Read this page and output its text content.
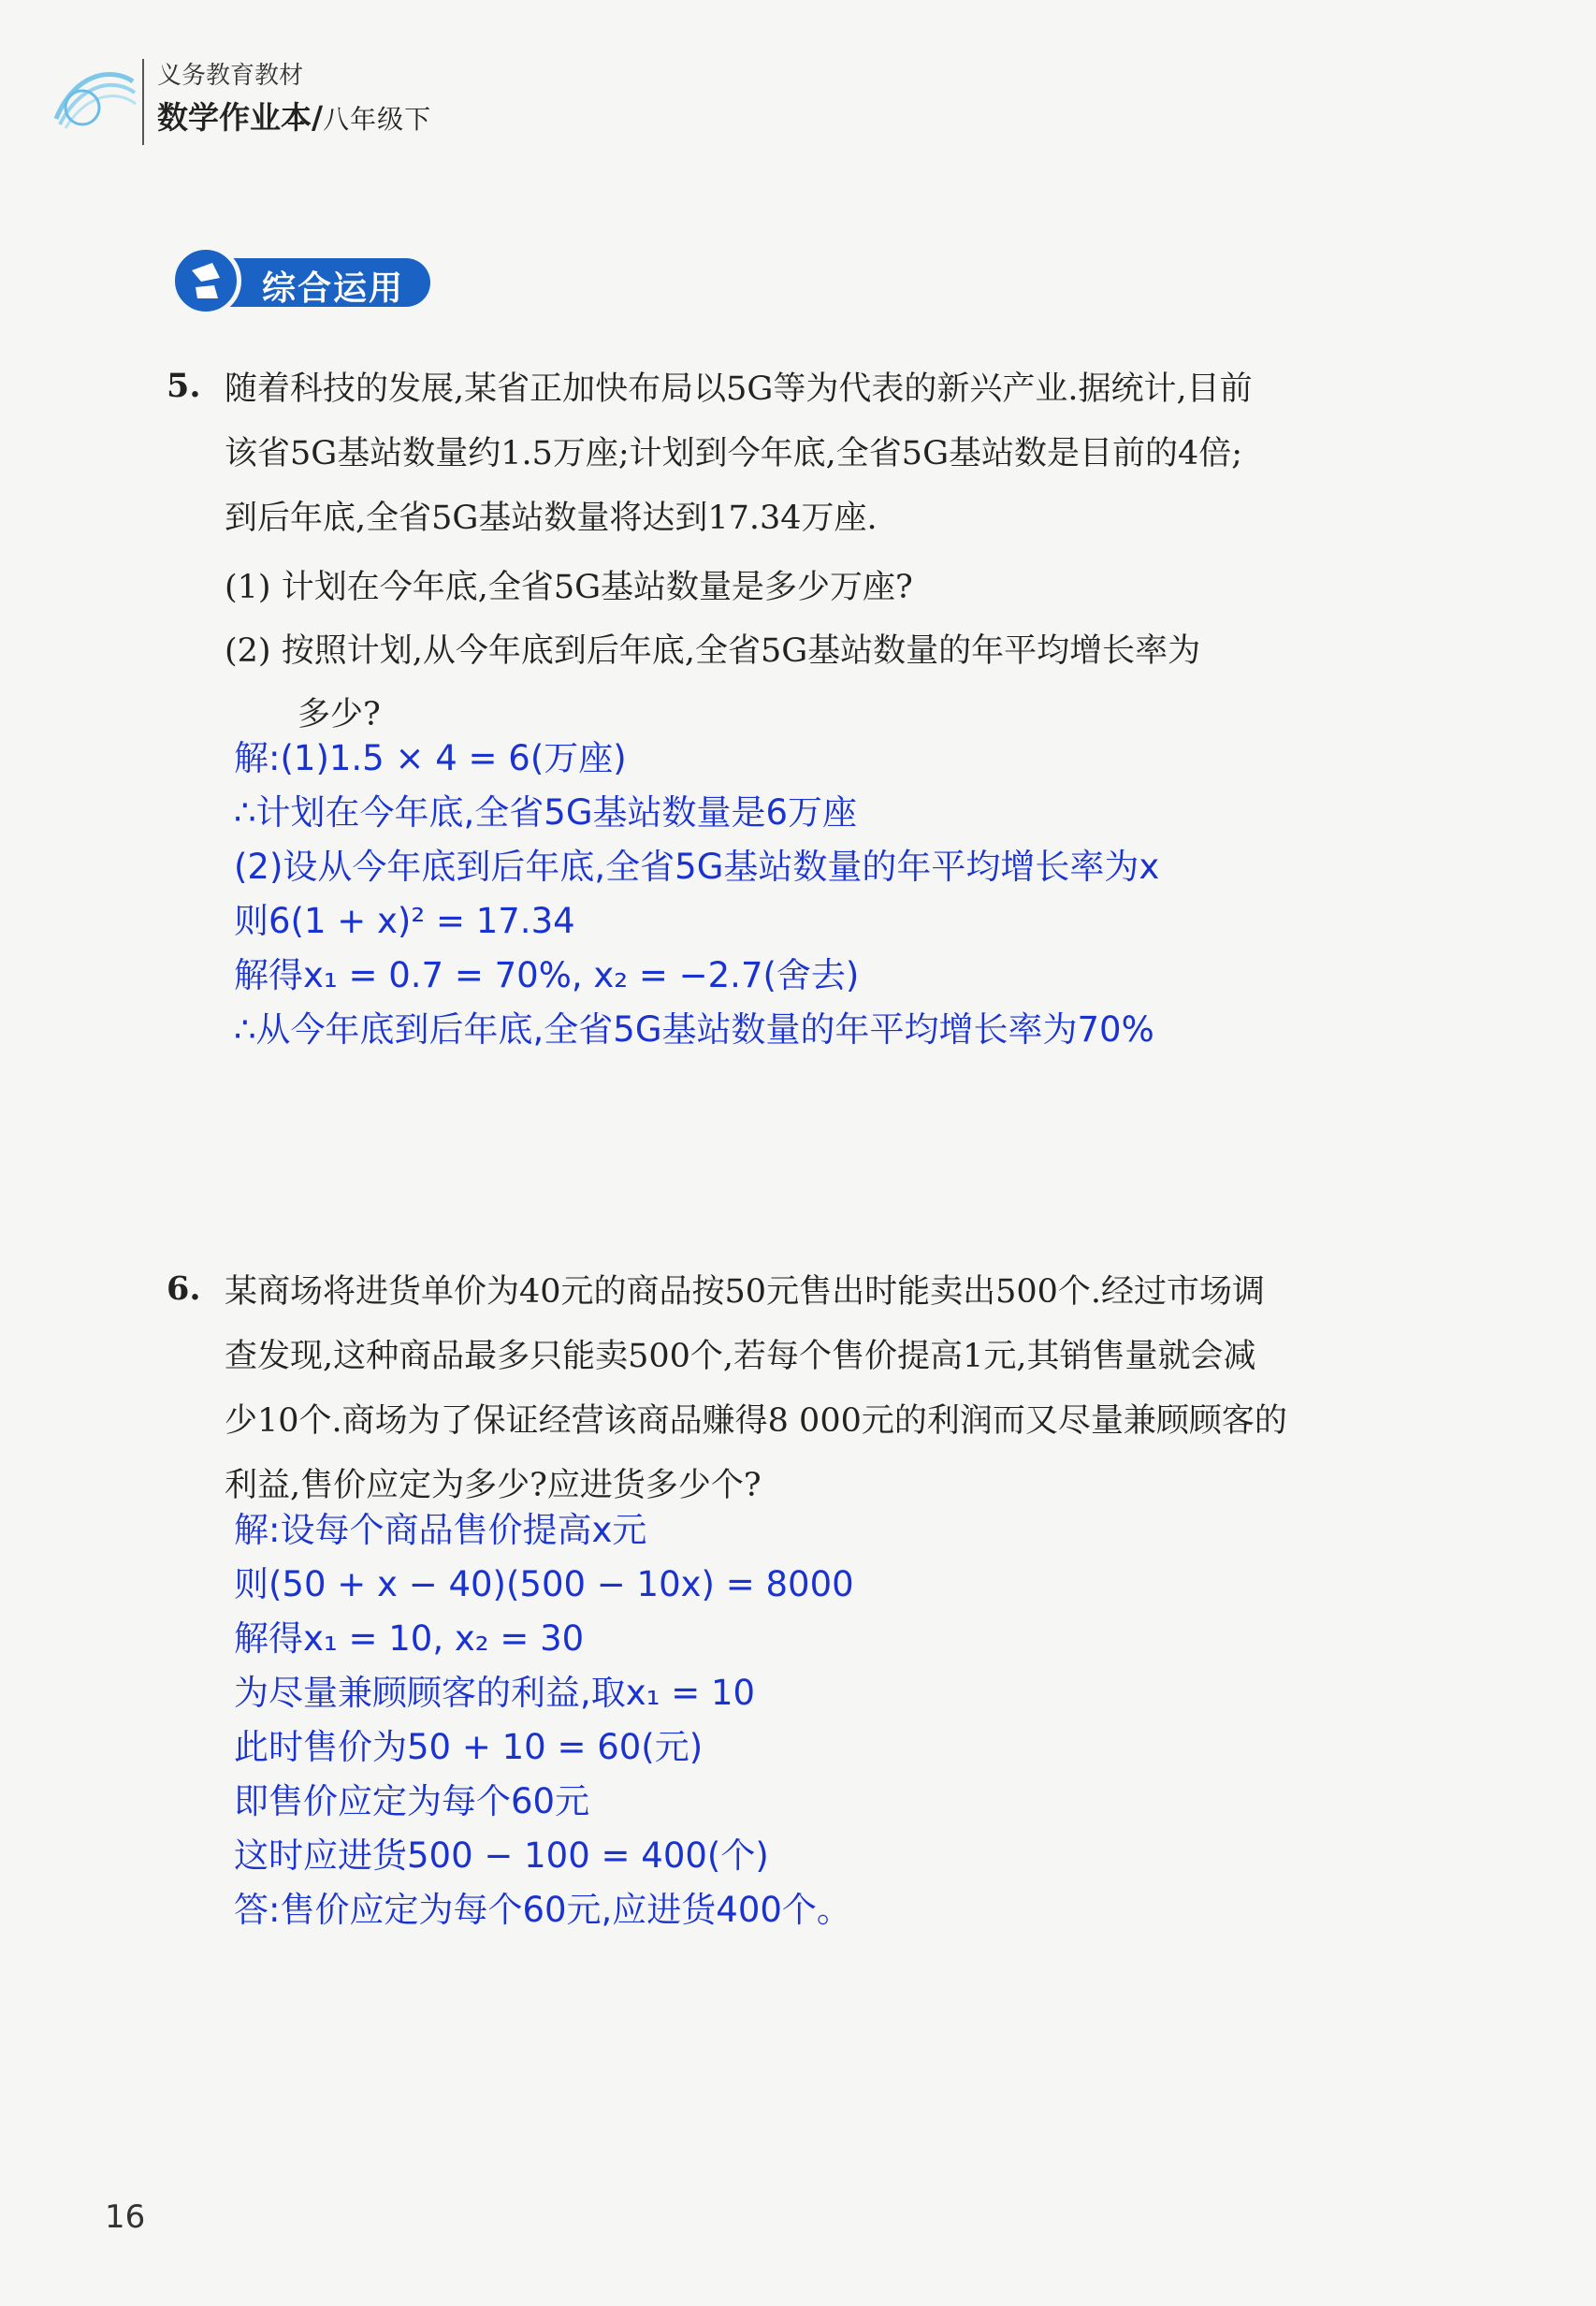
义务教育教材
数学作业本/八年级下
综合运用
5. 随着科技的发展,某省正加快布局以5G等为代表的新兴产业.据统计,目前
该省5G基站数量约1.5万座;计划到今年底,全省5G基站数是目前的4倍;
到后年底,全省5G基站数量将达到17.34万座.
(1) 计划在今年底,全省5G基站数量是多少万座?
(2) 按照计划,从今年底到后年底,全省5G基站数量的年平均增长率为
多少?
解:(1)1.5 × 4 = 6(万座)
∴计划在今年底,全省5G基站数量是6万座
(2)设从今年底到后年底,全省5G基站数量的年平均增长率为x
则6(1 + x)² = 17.34
解得x₁ = 0.7 = 70%, x₂ = −2.7(舍去)
∴从今年底到后年底,全省5G基站数量的年平均增长率为70%
6. 某商场将进货单价为40元的商品按50元售出时能卖出500个.经过市场调
查发现,这种商品最多只能卖500个,若每个售价提高1元,其销售量就会减
少10个.商场为了保证经营该商品赚得8 000元的利润而又尽量兼顾顾客的
利益,售价应定为多少?应进货多少个?
解:设每个商品售价提高x元
则(50 + x − 40)(500 − 10x) = 8000
解得x₁ = 10, x₂ = 30
为尽量兼顾顾客的利益,取x₁ = 10
此时售价为50 + 10 = 60(元)
即售价应定为每个60元
这时应进货500 − 100 = 400(个)
答:售价应定为每个60元,应进货400个。
16
